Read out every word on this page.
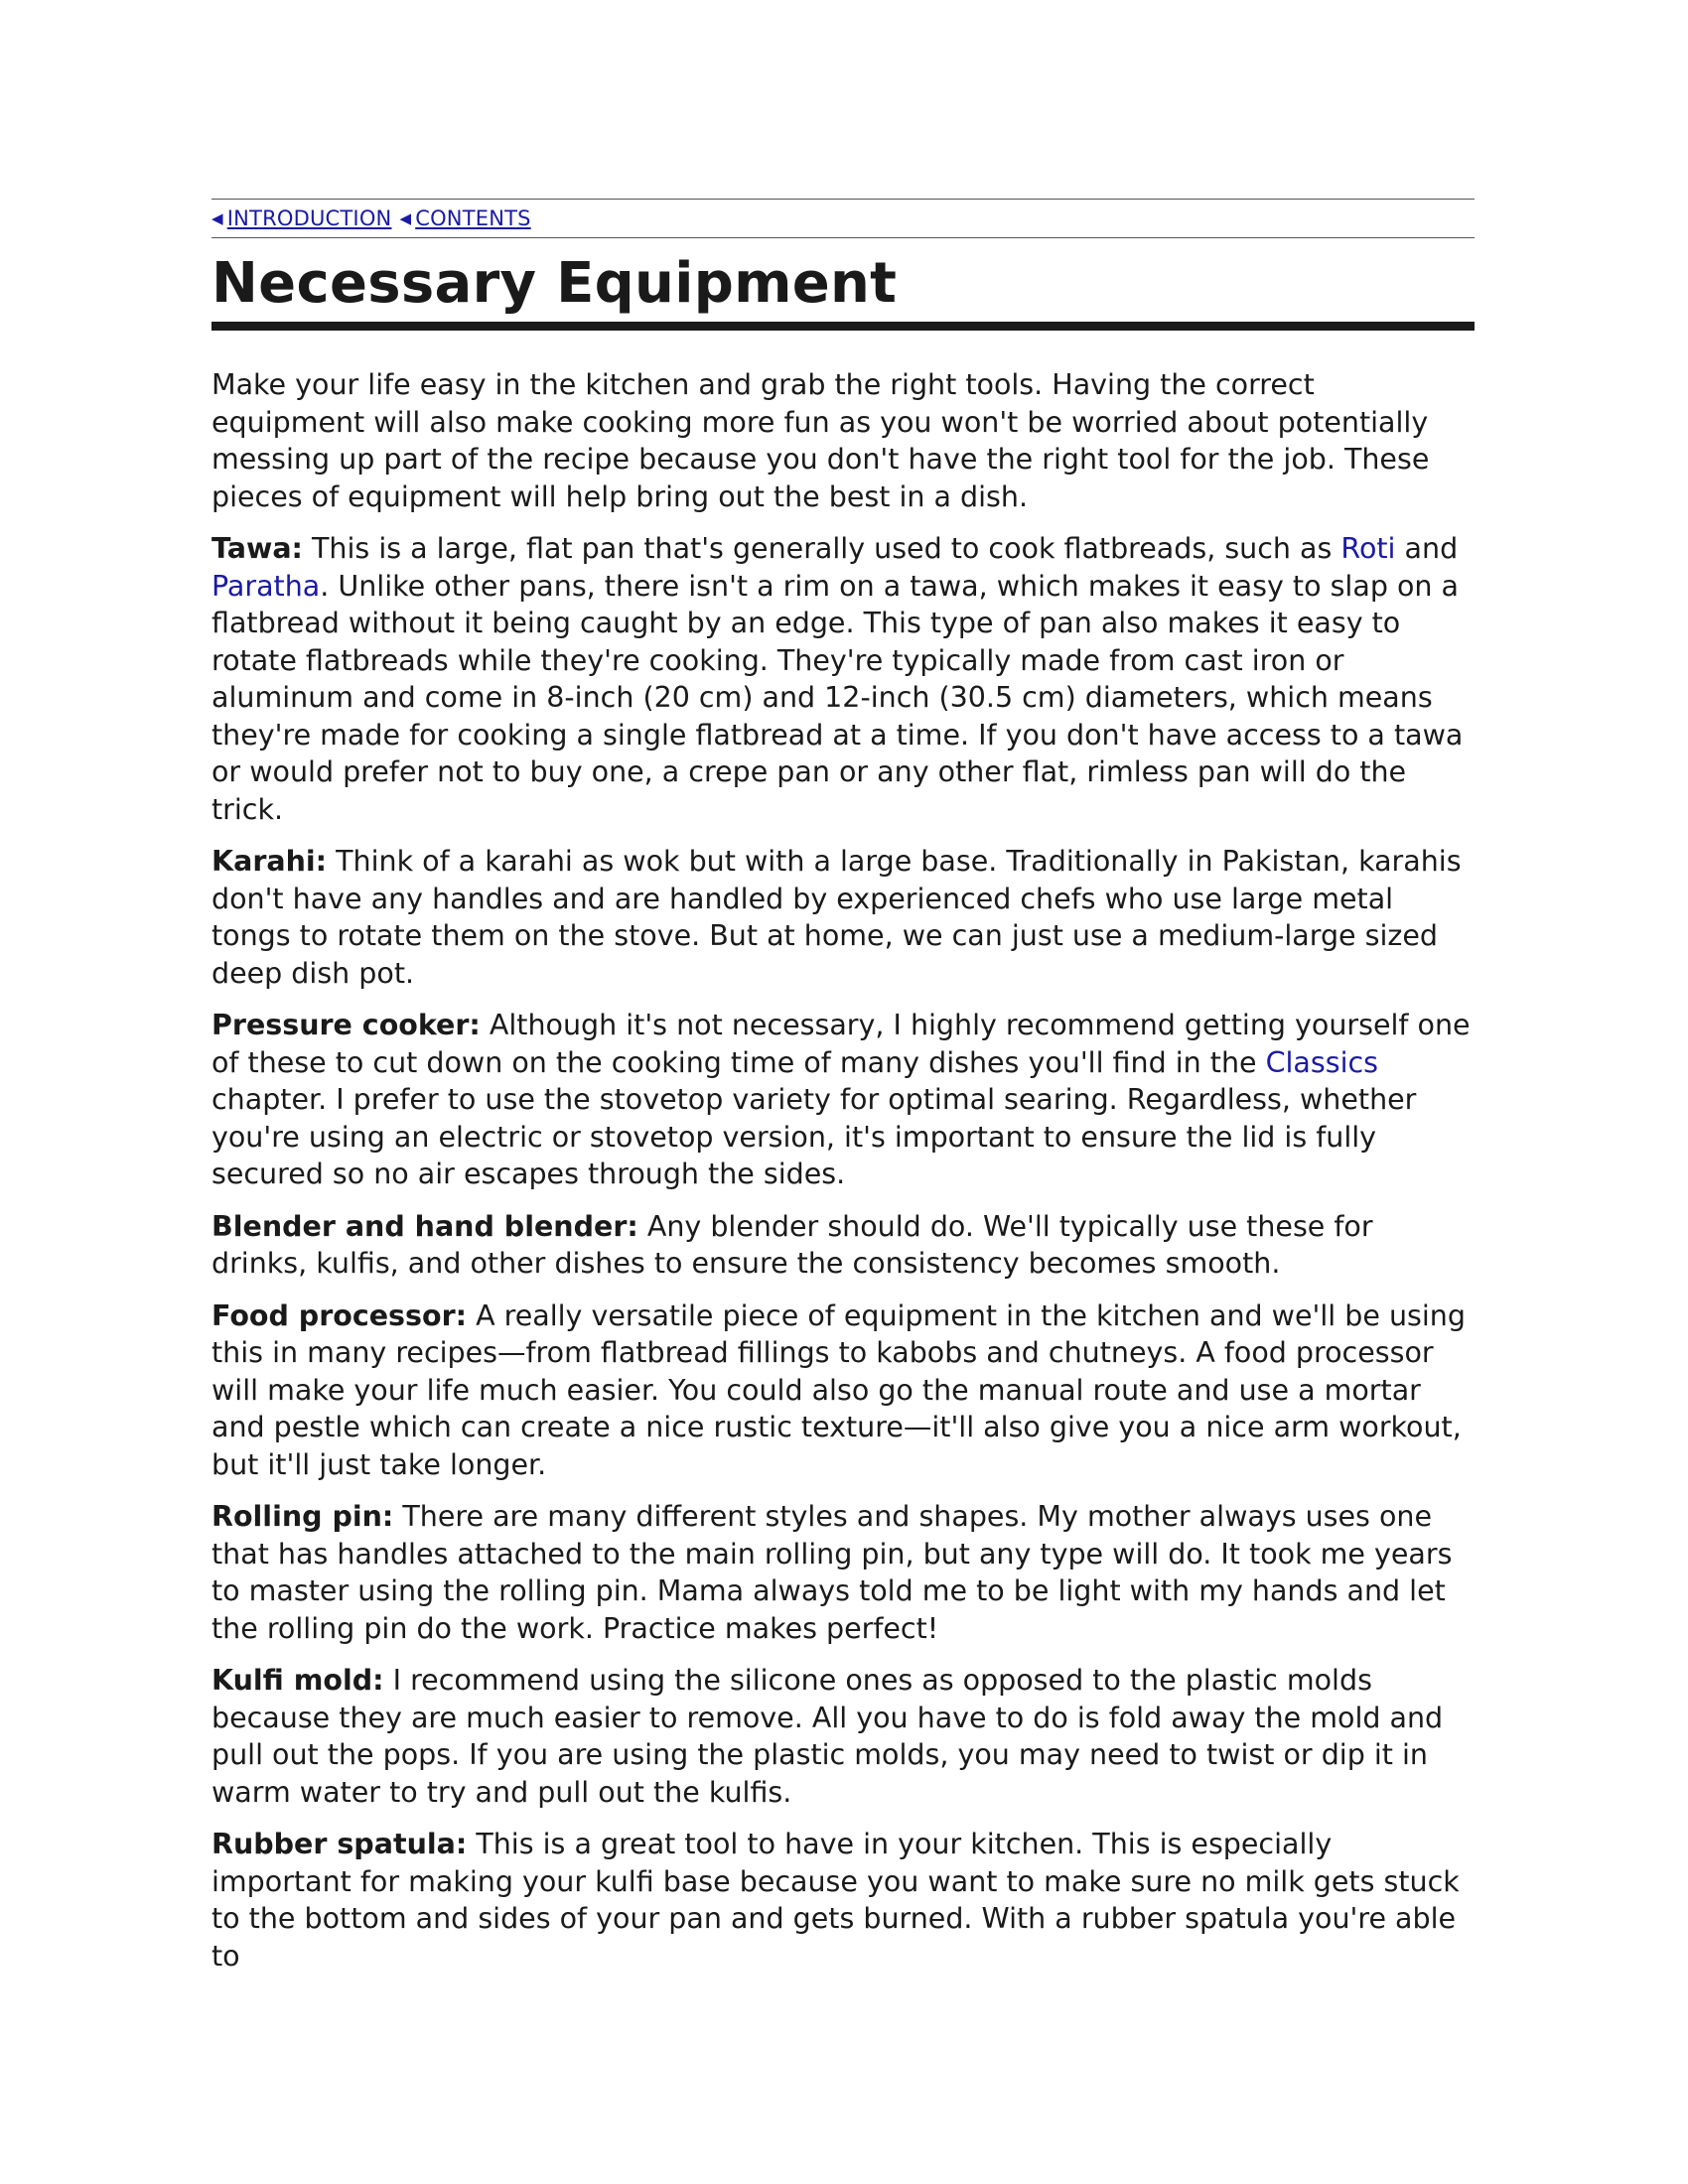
◀ INTRODUCTION ◀ CONTENTS
Necessary Equipment

Make your life easy in the kitchen and grab the right tools. Having the correct equipment will also make cooking more fun as you won't be worried about potentially messing up part of the recipe because you don't have the right tool for the job. These pieces of equipment will help bring out the best in a dish.

Tawa: This is a large, flat pan that's generally used to cook flatbreads, such as Roti and Paratha. Unlike other pans, there isn't a rim on a tawa, which makes it easy to slap on a flatbread without it being caught by an edge. This type of pan also makes it easy to rotate flatbreads while they're cooking. They're typically made from cast iron or aluminum and come in 8-inch (20 cm) and 12-inch (30.5 cm) diameters, which means they're made for cooking a single flatbread at a time. If you don't have access to a tawa or would prefer not to buy one, a crepe pan or any other flat, rimless pan will do the trick.

Karahi: Think of a karahi as wok but with a large base. Traditionally in Pakistan, karahis don't have any handles and are handled by experienced chefs who use large metal tongs to rotate them on the stove. But at home, we can just use a medium-large sized deep dish pot.

Pressure cooker: Although it's not necessary, I highly recommend getting yourself one of these to cut down on the cooking time of many dishes you'll find in the Classics chapter. I prefer to use the stovetop variety for optimal searing. Regardless, whether you're using an electric or stovetop version, it's important to ensure the lid is fully secured so no air escapes through the sides.

Blender and hand blender: Any blender should do. We'll typically use these for drinks, kulfis, and other dishes to ensure the consistency becomes smooth.

Food processor: A really versatile piece of equipment in the kitchen and we'll be using this in many recipes—from flatbread fillings to kabobs and chutneys. A food processor will make your life much easier. You could also go the manual route and use a mortar and pestle which can create a nice rustic texture—it'll also give you a nice arm workout, but it'll just take longer.

Rolling pin: There are many different styles and shapes. My mother always uses one that has handles attached to the main rolling pin, but any type will do. It took me years to master using the rolling pin. Mama always told me to be light with my hands and let the rolling pin do the work. Practice makes perfect!

Kulfi mold: I recommend using the silicone ones as opposed to the plastic molds because they are much easier to remove. All you have to do is fold away the mold and pull out the pops. If you are using the plastic molds, you may need to twist or dip it in warm water to try and pull out the kulfis.

Rubber spatula: This is a great tool to have in your kitchen. This is especially important for making your kulfi base because you want to make sure no milk gets stuck to the bottom and sides of your pan and gets burned. With a rubber spatula you're able to
